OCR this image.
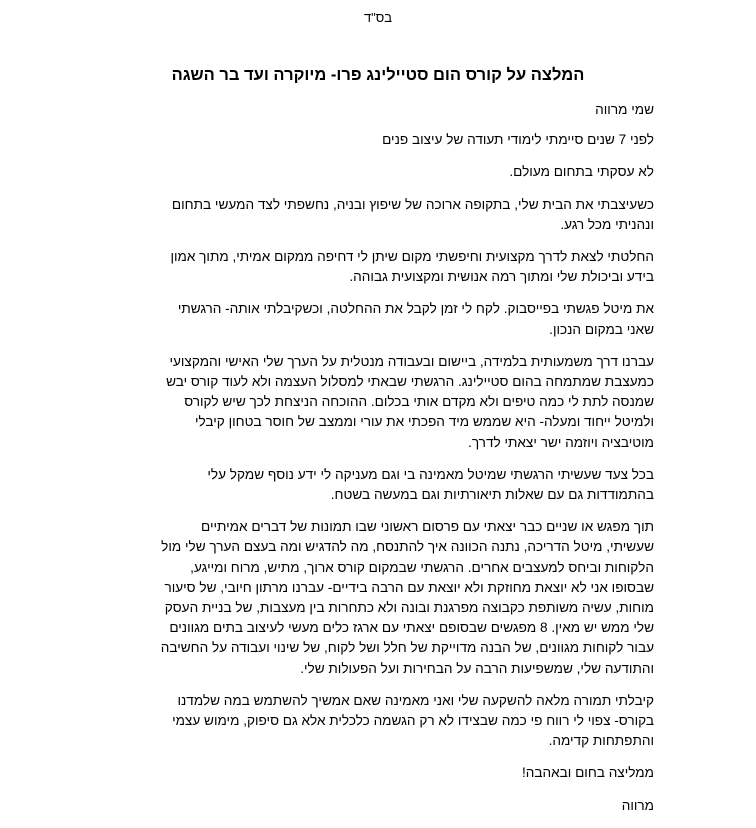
בס"ד
המלצה על קורס הום סטיילינג פרו- מיוקרה ועד בר השגה

שמי מרווה

לפני 7 שנים סיימתי לימודי תעודה של עיצוב פנים

לא עסקתי בתחום מעולם.

כשעיצבתי את הבית שלי, בתקופה ארוכה של שיפוץ ובניה, נחשפתי לצד המעשי בתחום
ונהניתי מכל רגע.

החלטתי לצאת לדרך מקצועית וחיפשתי מקום שיתן לי דחיפה ממקום אמיתי, מתוך אמון
בידע וביכולת שלי ומתוך רמה אנושית ומקצועית גבוהה.

את מיטל פגשתי בפייסבוק. לקח לי זמן לקבל את ההחלטה, וכשקיבלתי אותה- הרגשתי
שאני במקום הנכון.

עברנו דרך משמעותית בלמידה, ביישום ובעבודה מנטלית על הערך שלי האישי והמקצועי
כמעצבת שמתמחה בהום סטיילינג. הרגשתי שבאתי למסלול העצמה ולא לעוד קורס יבש
שמנסה לתת לי כמה טיפים ולא מקדם אותי בכלום. ההוכחה הניצחת לכך שיש לקורס
ולמיטל ייחוד ומעלה- היא שממש מיד הפכתי את עורי וממצב של חוסר בטחון קיבלי
מוטיבציה ויוזמה ישר יצאתי לדרך.

בכל צעד שעשיתי הרגשתי שמיטל מאמינה בי וגם מעניקה לי ידע נוסף שמקל עלי
בהתמודדות גם עם שאלות תיאורתיות וגם במעשה בשטח.

תוך מפגש או שניים כבר יצאתי עם פרסום ראשוני שבו תמונות של דברים אמיתיים
שעשיתי, מיטל הדריכה, נתנה הכוונה איך להתנסח, מה להדגיש ומה בעצם הערך שלי מול
הלקוחות וביחס למעצבים אחרים. הרגשתי שבמקום קורס ארוך, מתיש, מרוח ומייגע,
שבסופו אני לא יוצאת מחוזקת ולא יוצאת עם הרבה בידיים- עברנו מרתון חיובי, של סיעור
מוחות, עשיה משותפת כקבוצה מפרגנת ובונה ולא כתחרות בין מעצבות, של בניית העסק
שלי ממש יש מאין. 8 מפגשים שבסופם יצאתי עם ארגז כלים מעשי לעיצוב בתים מגוונים
עבור לקוחות מגוונים, של הבנה מדוייקת של חלל ושל לקוח, של שינוי ועבודה על החשיבה
והתודעה שלי, שמשפיעות הרבה על הבחירות ועל הפעולות שלי.

קיבלתי תמורה מלאה להשקעה שלי ואני מאמינה שאם אמשיך להשתמש במה שלמדנו
בקורס- צפוי לי רווח פי כמה שבצידו לא רק הגשמה כלכלית אלא גם סיפוק, מימוש עצמי
והתפתחות קדימה.

ממליצה בחום ובאהבה!

מרווה
